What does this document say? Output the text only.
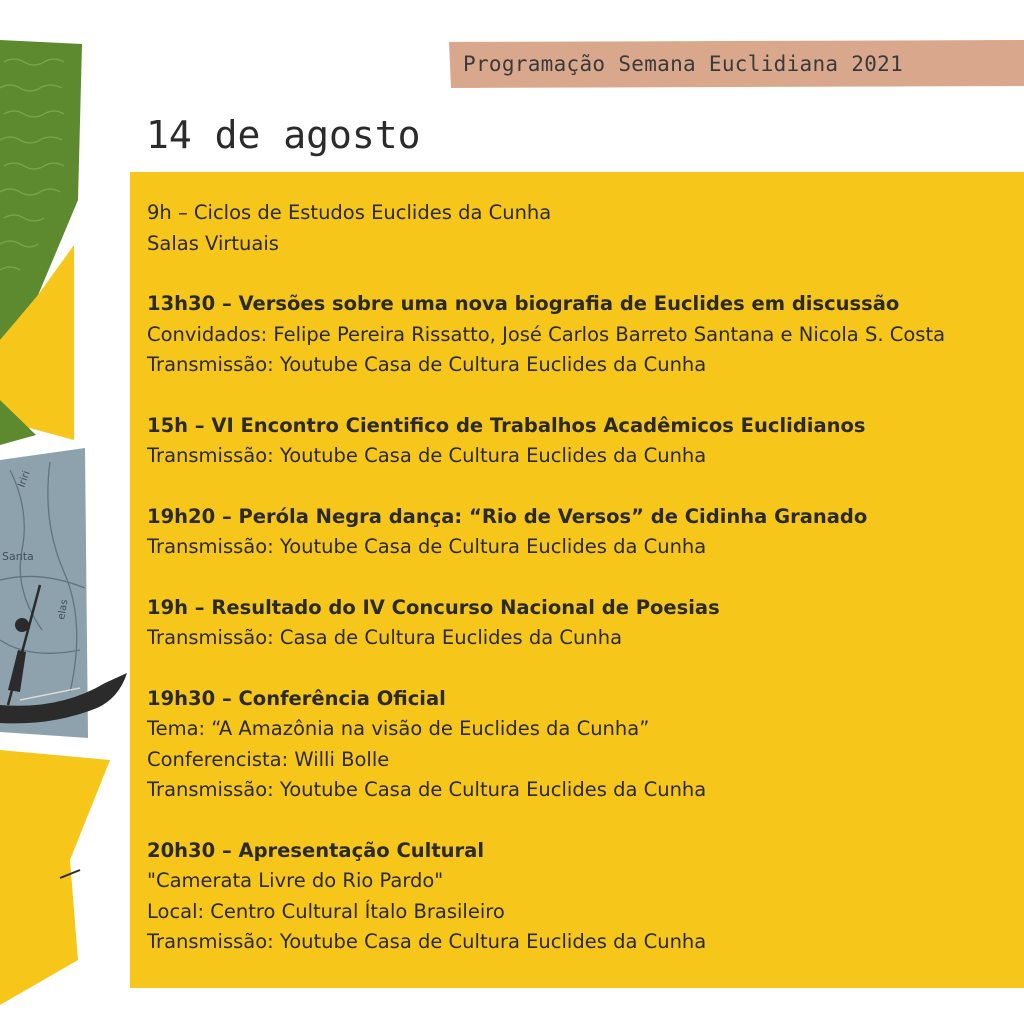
Santa
Iriri
elas
Programação Semana Euclidiana 2021
14 de agosto
9h – Ciclos de Estudos Euclides da Cunha
Salas Virtuais
13h30 – Versões sobre uma nova biografia de Euclides em discussão
Convidados: Felipe Pereira Rissatto, José Carlos Barreto Santana e Nicola S. Costa
Transmissão: Youtube Casa de Cultura Euclides da Cunha
15h – VI Encontro Cientifico de Trabalhos Acadêmicos Euclidianos
Transmissão: Youtube Casa de Cultura Euclides da Cunha
19h20 – Peróla Negra dança: “Rio de Versos” de Cidinha Granado
Transmissão: Youtube Casa de Cultura Euclides da Cunha
19h – Resultado do IV Concurso Nacional de Poesias
Transmissão: Casa de Cultura Euclides da Cunha
19h30 – Conferência Oficial
Tema: “A Amazônia na visão de Euclides da Cunha”
Conferencista: Willi Bolle
Transmissão: Youtube Casa de Cultura Euclides da Cunha
20h30 – Apresentação Cultural
"Camerata Livre do Rio Pardo"
Local: Centro Cultural Ítalo Brasileiro
Transmissão: Youtube Casa de Cultura Euclides da Cunha
